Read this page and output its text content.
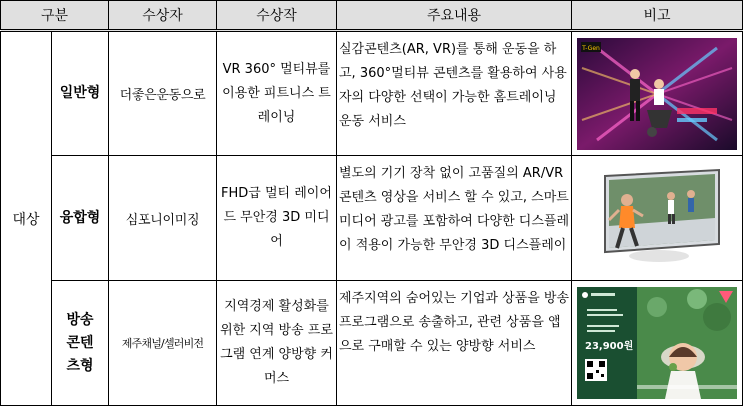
구분		수상자	수상작	주요내용	비고
대상	일반형	더좋은운동으로	VR 360° 멀티뷰를 이용한 피트니스 트레이닝	실감콘텐츠(AR, VR)를 통해 운동을 하고, 360°멀티뷰 콘텐츠를 활용하여 사용자의 다양한 선택이 가능한 홈트레이닝 운동 서비스	T-Gen

	융합형	심포니이미징	FHD급 멀티 레이어드 무안경 3D 미디어	별도의 기기 장착 없이 고품질의 AR/VR 콘텐츠 영상을 서비스 할 수 있고, 스마트미디어 광고를 포함하여 다양한 디스플레이 적용이 가능한 무안경 3D 디스플레이	

	방송
콘텐
츠형	제주채널/셀러비전	지역경제 활성화를 위한 지역 방송 프로그램 연계 양방향 커머스	제주지역의 숨어있는 기업과 상품을 방송프로그램으로 송출하고, 관련 상품을 앱으로 구매할 수 있는 양방향 서비스	23,900원
